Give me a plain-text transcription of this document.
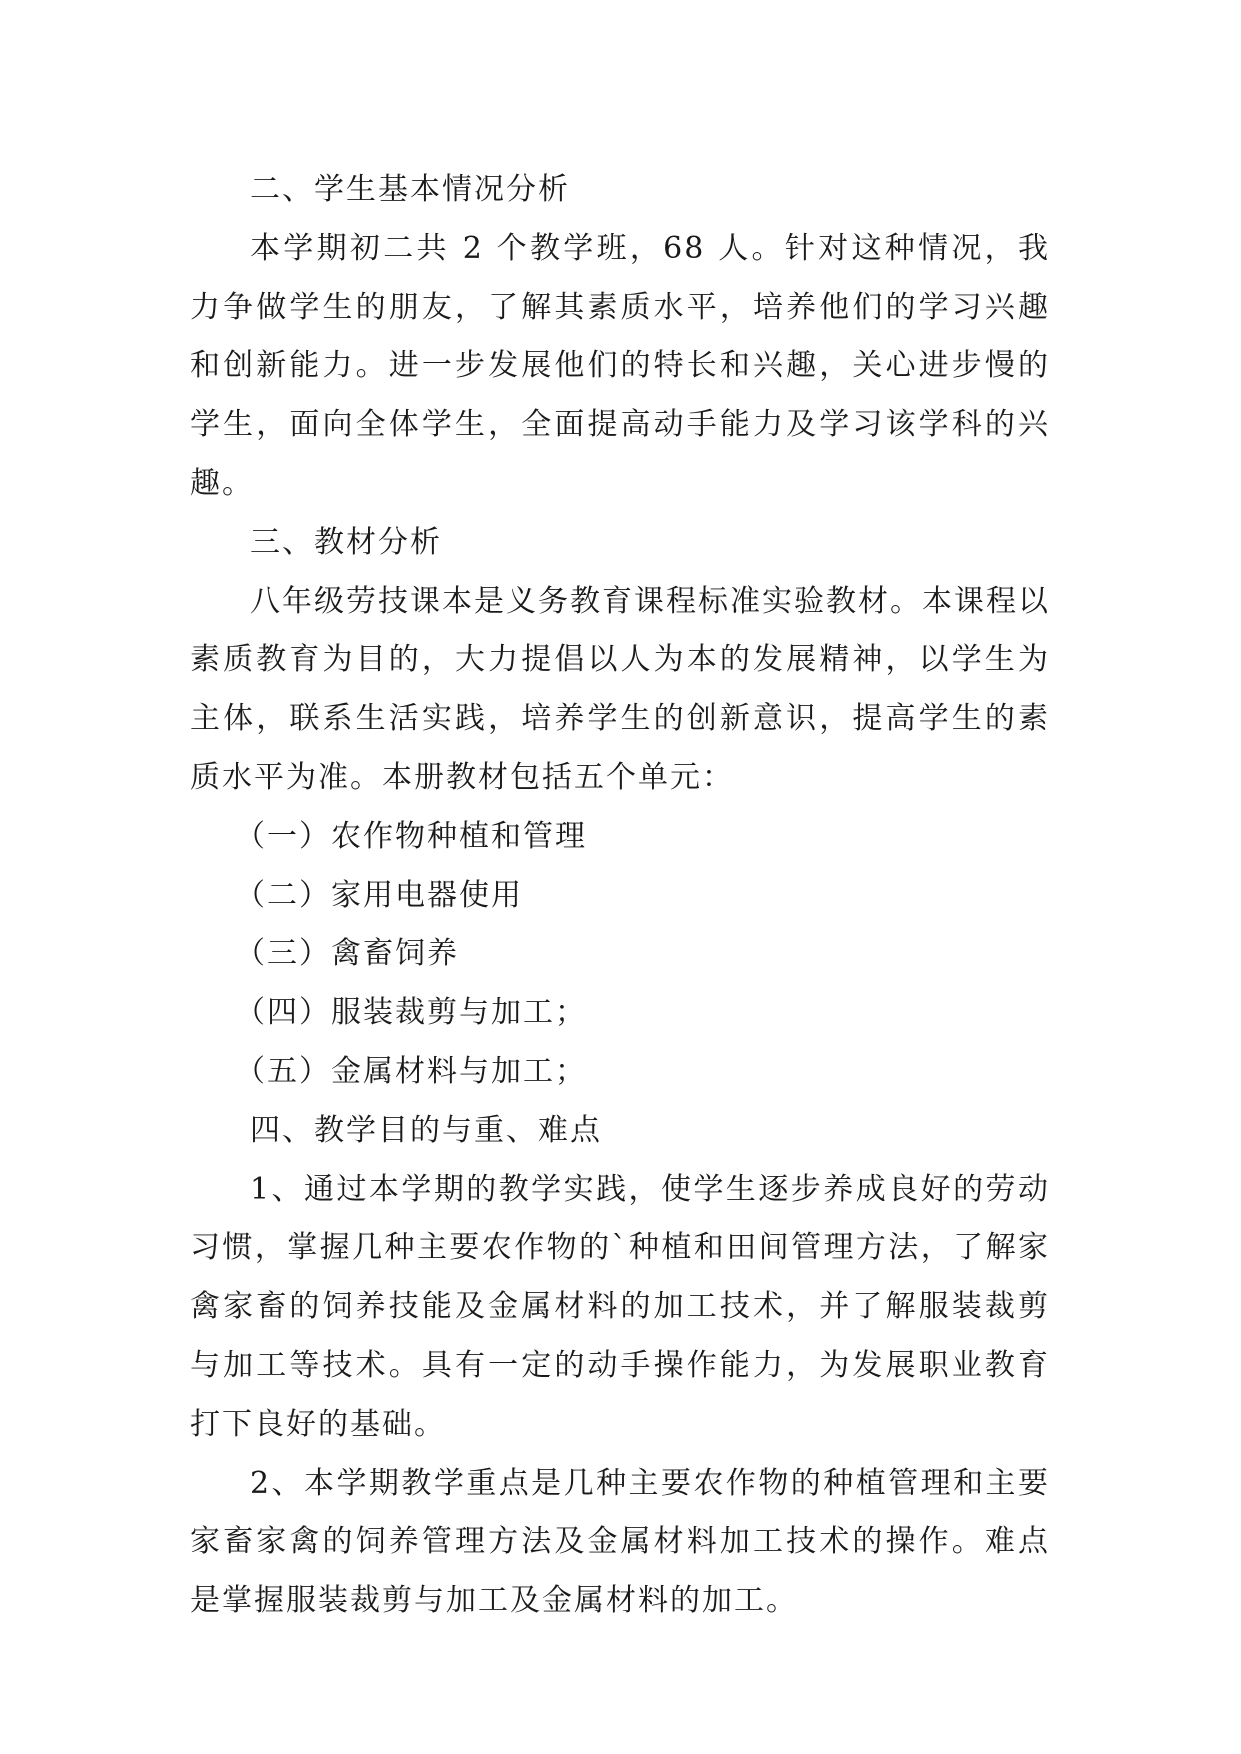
二、学生基本情况分析

本学期初二共 2 个教学班，68 人。针对这种情况，我力争做学生的朋友，了解其素质水平，培养他们的学习兴趣和创新能力。进一步发展他们的特长和兴趣，关心进步慢的学生，面向全体学生，全面提高动手能力及学习该学科的兴趣。

三、教材分析

八年级劳技课本是义务教育课程标准实验教材。本课程以素质教育为目的，大力提倡以人为本的发展精神，以学生为主体，联系生活实践，培养学生的创新意识，提高学生的素质水平为准。本册教材包括五个单元：

（一）农作物种植和管理

（二）家用电器使用

（三）禽畜饲养

（四）服装裁剪与加工；

（五）金属材料与加工；

四、教学目的与重、难点

1、通过本学期的教学实践，使学生逐步养成良好的劳动习惯，掌握几种主要农作物的`种植和田间管理方法，了解家禽家畜的饲养技能及金属材料的加工技术，并了解服装裁剪与加工等技术。具有一定的动手操作能力，为发展职业教育打下良好的基础。

2、本学期教学重点是几种主要农作物的种植管理和主要家畜家禽的饲养管理方法及金属材料加工技术的操作。难点是掌握服装裁剪与加工及金属材料的加工。
